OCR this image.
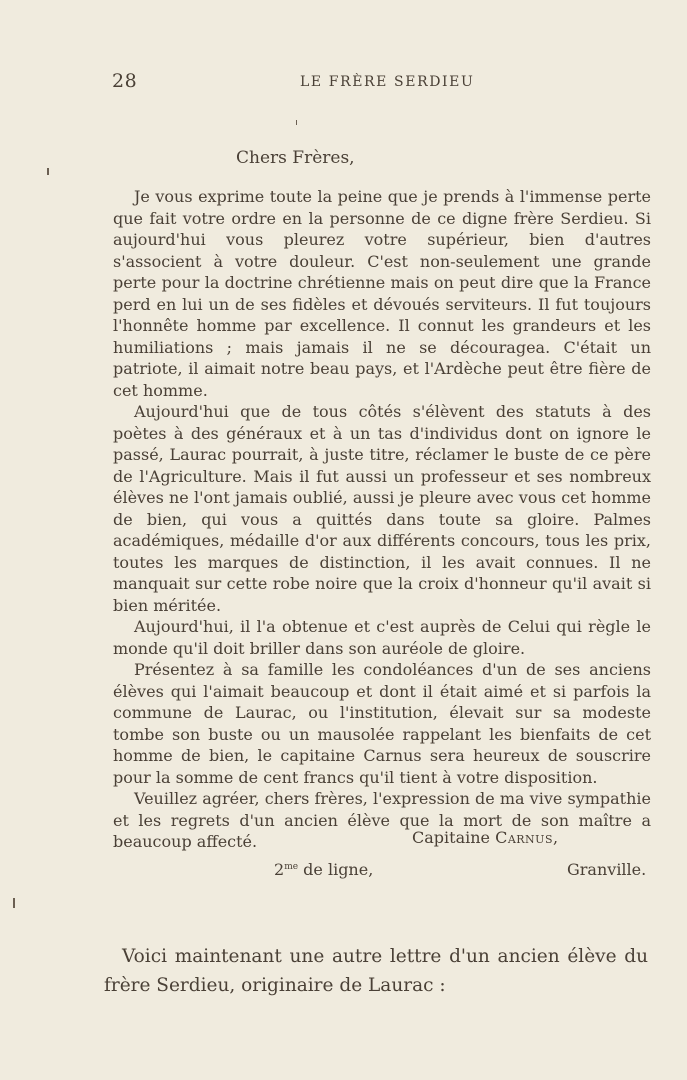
28	LE FRÈRE SERDIEU
Chers Frères,

Je vous exprime toute la peine que je prends à l'immense perte que fait votre ordre en la personne de ce digne frère Serdieu. Si aujourd'hui vous pleurez votre supérieur, bien d'autres s'associent à votre douleur. C'est non-seulement une grande perte pour la doctrine chrétienne mais on peut dire que la France perd en lui un de ses fidèles et dévoués serviteurs. Il fut toujours l'honnête homme par excellence. Il connut les grandeurs et les humiliations ; mais jamais il ne se découragea. C'était un patriote, il aimait notre beau pays, et l'Ardèche peut être fière de cet homme.

Aujourd'hui que de tous côtés s'élèvent des statuts à des poètes à des généraux et à un tas d'individus dont on ignore le passé, Laurac pourrait, à juste titre, réclamer le buste de ce père de l'Agriculture. Mais il fut aussi un professeur et ses nombreux élèves ne l'ont jamais oublié, aussi je pleure avec vous cet homme de bien, qui vous a quittés dans toute sa gloire. Palmes académiques, médaille d'or aux différents concours, tous les prix, toutes les marques de distinction, il les avait connues. Il ne manquait sur cette robe noire que la croix d'honneur qu'il avait si bien méritée.

Aujourd'hui, il l'a obtenue et c'est auprès de Celui qui règle le monde qu'il doit briller dans son auréole de gloire.

Présentez à sa famille les condoléances d'un de ses anciens élèves qui l'aimait beaucoup et dont il était aimé et si parfois la commune de Laurac, ou l'institution, élevait sur sa modeste tombe son buste ou un mausolée rappelant les bienfaits de cet homme de bien, le capitaine Carnus sera heureux de souscrire pour la somme de cent francs qu'il tient à votre disposition.

Veuillez agréer, chers frères, l'expression de ma vive sympathie et les regrets d'un ancien élève que la mort de son maître a beaucoup affecté.	Capitaine Carnus,
$2^{me}$ de ligne,	Granville.
Voici maintenant une autre lettre d'un ancien élève du frère Serdieu, originaire de Laurac :
